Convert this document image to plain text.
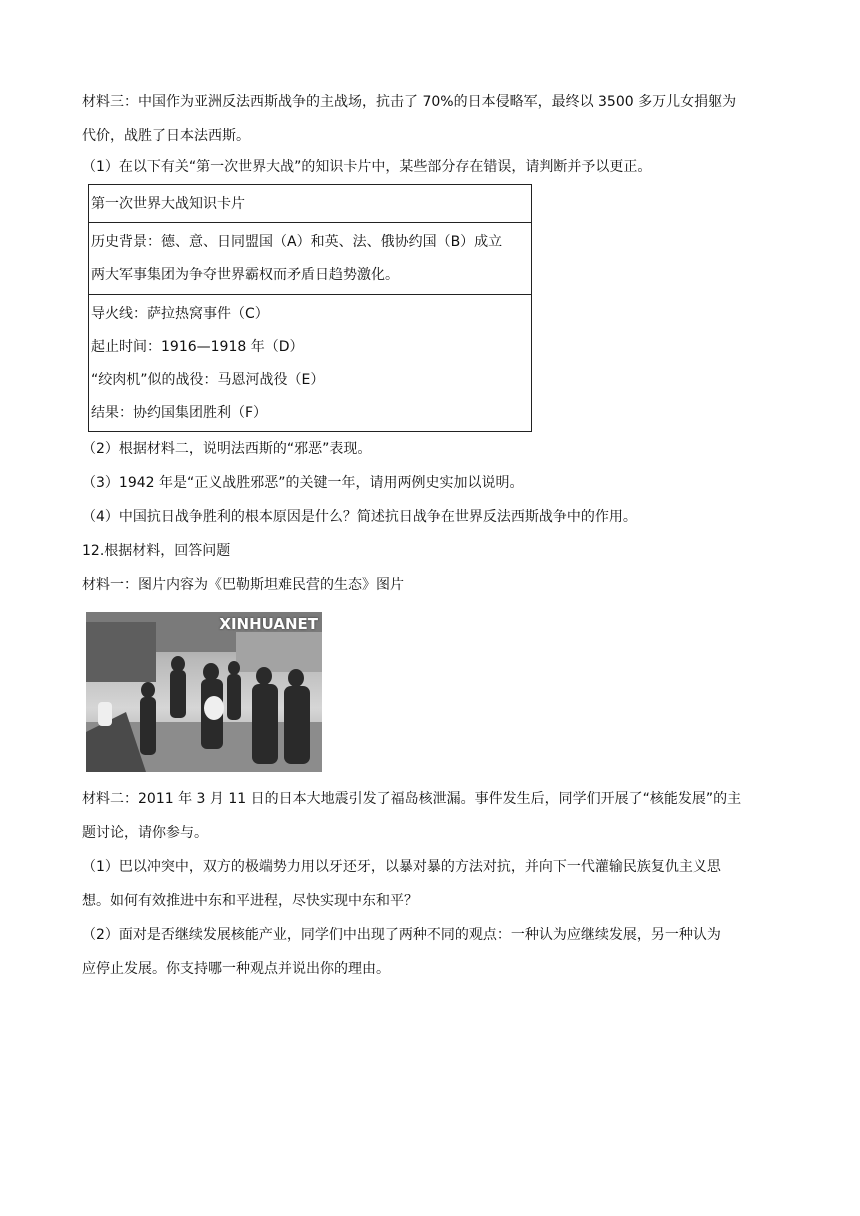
材料三：中国作为亚洲反法西斯战争的主战场，抗击了 70%的日本侵略军，最终以 3500 多万儿女捐躯为
代价，战胜了日本法西斯。
（1）在以下有关“第一次世界大战”的知识卡片中，某些部分存在错误，请判断并予以更正。
第一次世界大战知识卡片
历史背景：德、意、日同盟国（A）和英、法、俄协约国（B）成立
两大军事集团为争夺世界霸权而矛盾日趋势激化。
导火线：萨拉热窝事件（C）
起止时间：1916—1918 年（D）
“绞肉机”似的战役：马恩河战役（E）
结果：协约国集团胜利（F）
（2）根据材料二，说明法西斯的“邪恶”表现。
（3）1942 年是“正义战胜邪恶”的关键一年，请用两例史实加以说明。
（4）中国抗日战争胜利的根本原因是什么？简述抗日战争在世界反法西斯战争中的作用。
12.根据材料，回答问题
材料一：图片内容为《巴勒斯坦难民营的生态》图片
XINHUANET
材料二：2011 年 3 月 11 日的日本大地震引发了福岛核泄漏。事件发生后，同学们开展了“核能发展”的主
题讨论，请你参与。
（1）巴以冲突中，双方的极端势力用以牙还牙，以暴对暴的方法对抗，并向下一代灌输民族复仇主义思
想。如何有效推进中东和平进程，尽快实现中东和平？
（2）面对是否继续发展核能产业，同学们中出现了两种不同的观点：一种认为应继续发展，另一种认为
应停止发展。你支持哪一种观点并说出你的理由。
